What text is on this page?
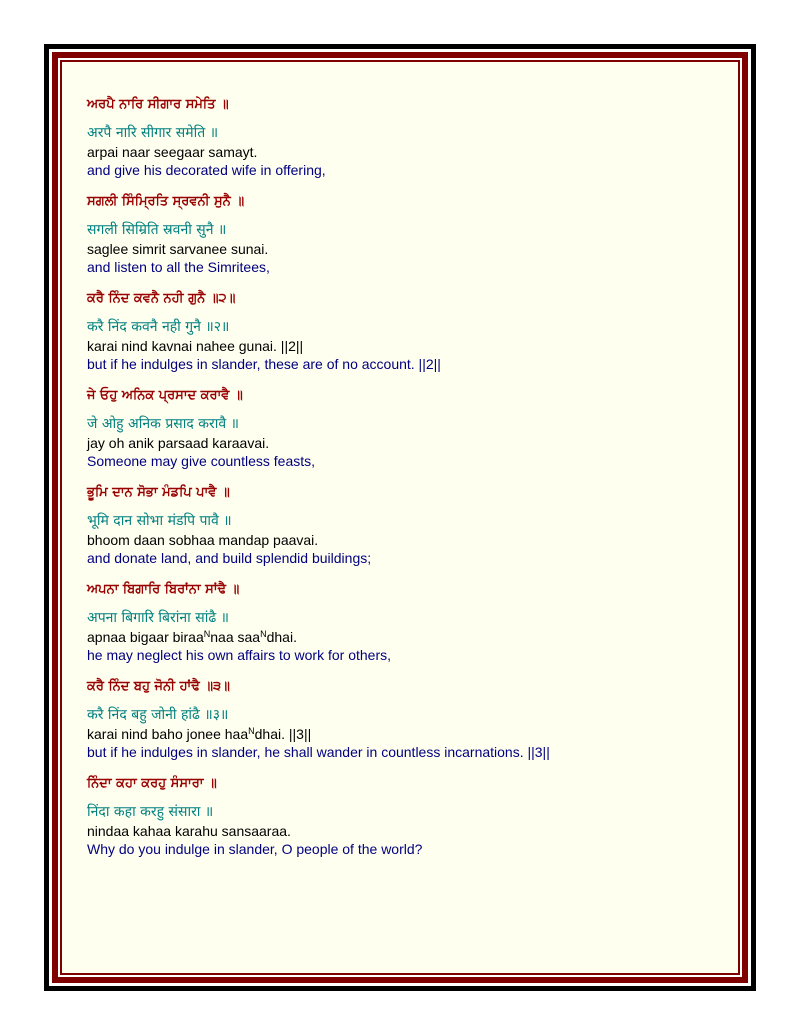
ਅਰਪੈ ਨਾਰਿ ਸੀਗਾਰ ਸਮੇਤਿ ॥
अरपै नारि सीगार समेति ॥
arpai naar seegaar samayt.
and give his decorated wife in offering,
ਸਗਲੀ ਸਿੰਮ੍ਰਿਤਿ ਸ੍ਰਵਨੀ ਸੁਨੈ ॥
सगली सिम्रिति स्रवनी सुनै ॥
saglee simrit sarvanee sunai.
and listen to all the Simritees,
ਕਰੈ ਨਿੰਦ ਕਵਨੈ ਨਹੀ ਗੁਨੈ ॥੨॥
करै निंद कवनै नही गुनै ॥२॥
karai nind kavnai nahee gunai. ||2||
but if he indulges in slander, these are of no account. ||2||
ਜੇ ਓਹੁ ਅਨਿਕ ਪ੍ਰਸਾਦ ਕਰਾਵੈ ॥
जे ओहु अनिक प्रसाद करावै ॥
jay oh anik parsaad karaavai.
Someone may give countless feasts,
ਭੂਮਿ ਦਾਨ ਸੋਭਾ ਮੰਡਪਿ ਪਾਵੈ ॥
भूमि दान सोभा मंडपि पावै ॥
bhoom daan sobhaa mandap paavai.
and donate land, and build splendid buildings;
ਅਪਨਾ ਬਿਗਾਰਿ ਬਿਰਾਂਨਾ ਸਾਂਢੈ ॥
अपना बिगारि बिरांना सांढै ॥
apnaa bigaar biraa$^N$naa saa$^N$dhai.
he may neglect his own affairs to work for others,
ਕਰੈ ਨਿੰਦ ਬਹੁ ਜੋਨੀ ਹਾਂਢੈ ॥੩॥
करै निंद बहु जोनी हांढै ॥३॥
karai nind baho jonee haa$^N$dhai. ||3||
but if he indulges in slander, he shall wander in countless incarnations. ||3||
ਨਿੰਦਾ ਕਹਾ ਕਰਹੁ ਸੰਸਾਰਾ ॥
निंदा कहा करहु संसारा ॥
nindaa kahaa karahu sansaaraa.
Why do you indulge in slander, O people of the world?
